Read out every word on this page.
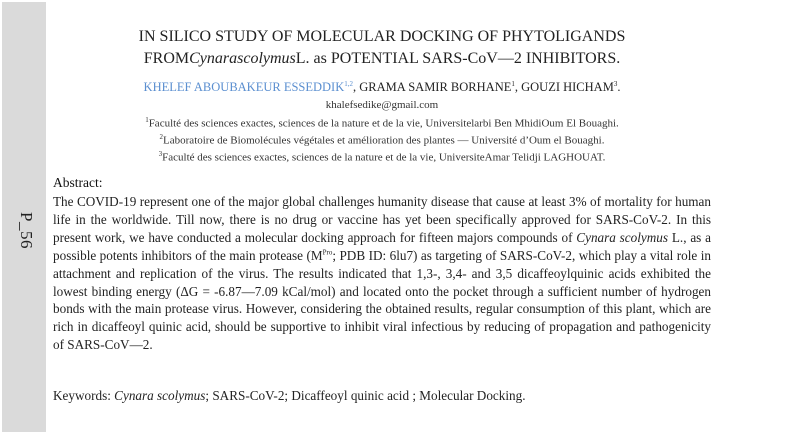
P_56
IN SILICO STUDY OF MOLECULAR DOCKING OF PHYTOLIGANDS
FROMCynarascolymusL. as POTENTIAL SARS-CoV—2 INHIBITORS.
KHELEF ABOUBAKEUR ESSEDDIK$^{1,2}$, GRAMA SAMIR BORHANE$^1$, GOUZI HICHAM$^3$.
khalefsedike@gmail.com
$^1$Faculté des sciences exactes, sciences de la nature et de la vie, Universitelarbi Ben MhidiOum El Bouaghi.
$^2$Laboratoire de Biomolécules végétales et amélioration des plantes — Université d’Oum el Bouaghi.
$^3$Faculté des sciences exactes, sciences de la nature et de la vie, UniversiteAmar Telidji LAGHOUAT.
Abstract:
The COVID-19 represent one of the major global challenges humanity disease that cause at least 3% of mortality for human life in the worldwide. Till now, there is no drug or vaccine has yet been specifically approved for SARS-CoV-2. In this present work, we have conducted a molecular docking approach for fifteen majors compounds of Cynara scolymus L., as a possible potents inhibitors of the main protease ($M^{Pro}$; PDB ID: 6lu7) as targeting of SARS-CoV-2, which play a vital role in attachment and replication of the virus. The results indicated that 1,3-, 3,4- and 3,5 dicaffeoylquinic acids exhibited the lowest binding energy (ΔG = -6.87—7.09 kCal/mol) and located onto the pocket through a sufficient number of hydrogen bonds with the main protease virus. However, considering the obtained results, regular consumption of this plant, which are rich in dicaffeoyl quinic acid, should be supportive to inhibit viral infectious by reducing of propagation and pathogenicity of SARS-CoV—2.
Keywords: Cynara scolymus; SARS-CoV-2; Dicaffeoyl quinic acid ; Molecular Docking.
